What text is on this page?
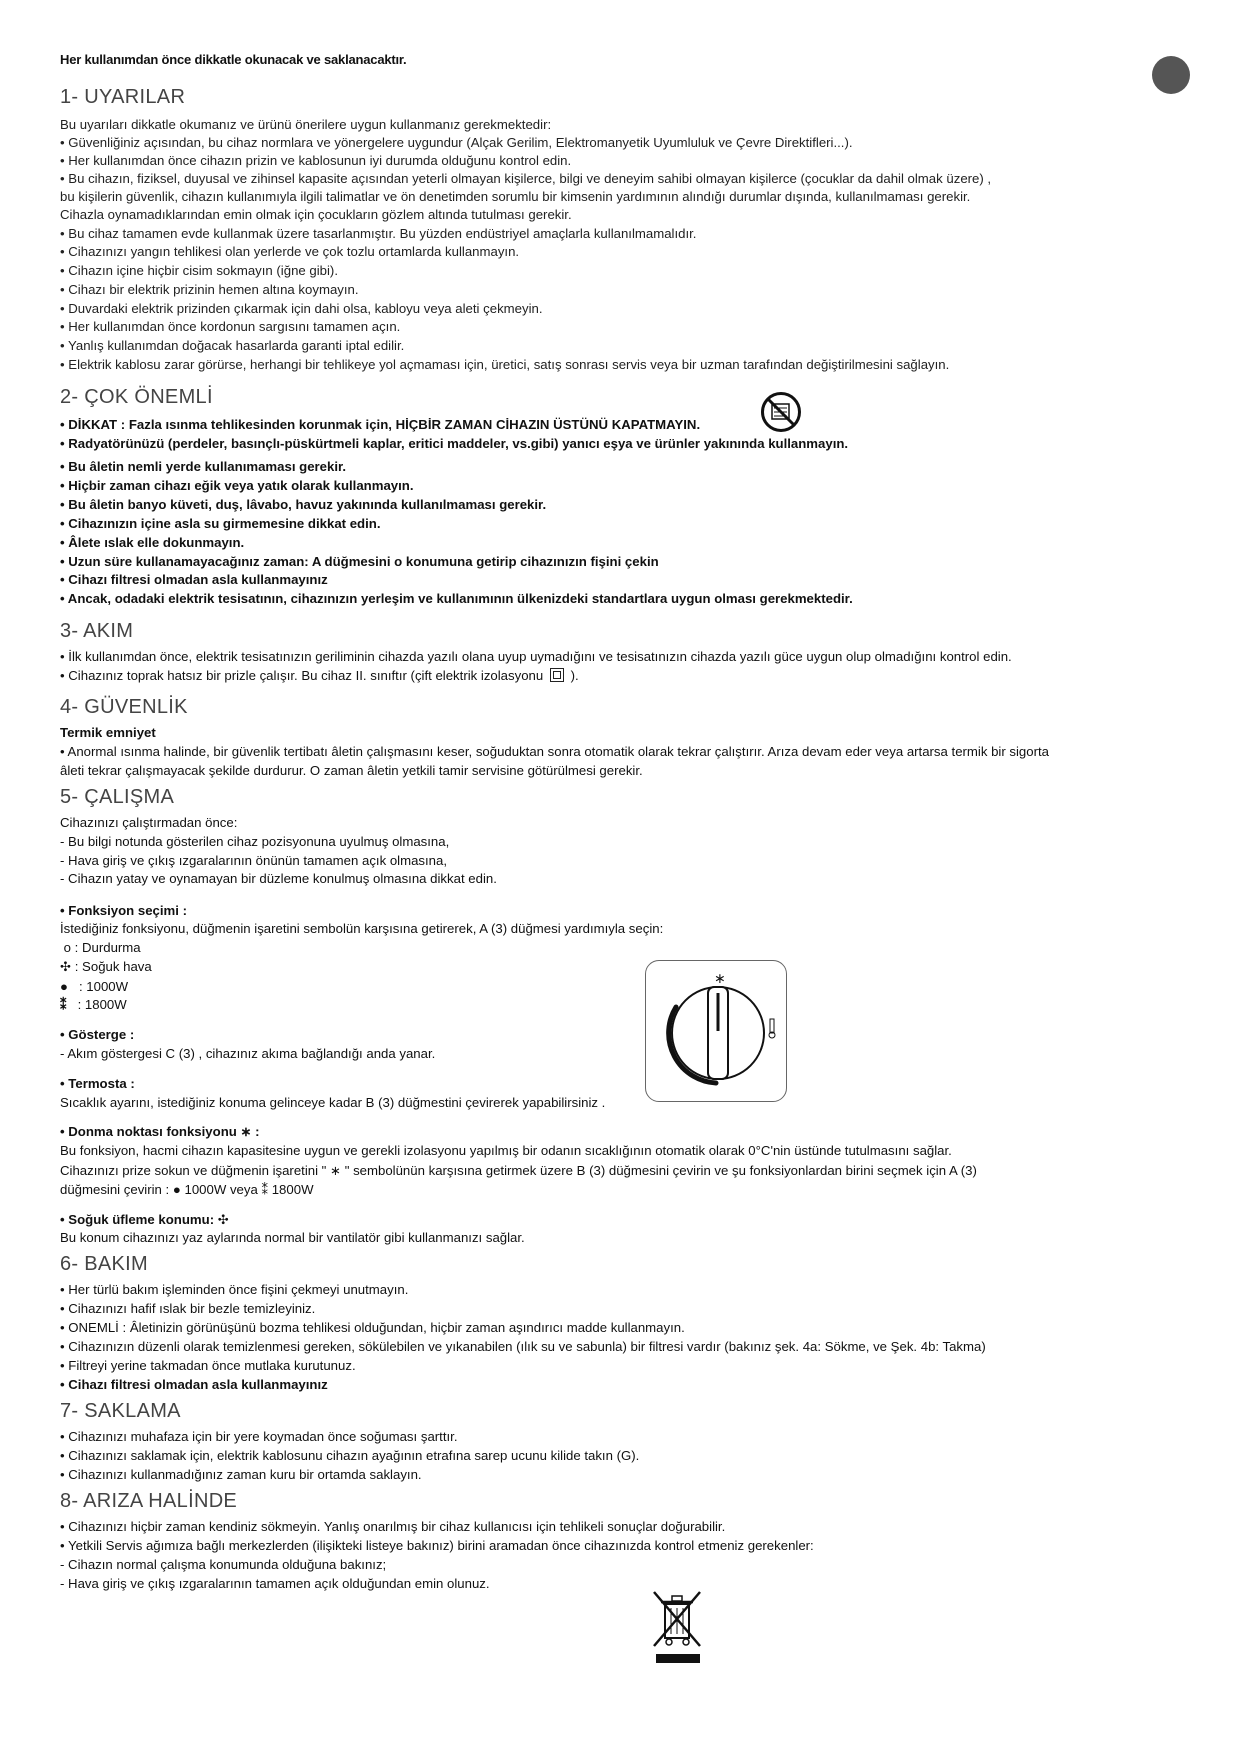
Her kullanımdan önce dikkatle okunacak ve saklanacaktır.
1- UYARILAR
Bu uyarıları dikkatle okumanız ve ürünü önerilere uygun kullanmanız gerekmektedir:
• Güvenliğiniz açısından, bu cihaz normlara ve yönergelere uygundur (Alçak Gerilim, Elektromanyetik Uyumluluk ve Çevre Direktifleri...).
• Her kullanımdan önce cihazın prizin ve kablosunun iyi durumda olduğunu kontrol edin.
• Bu cihazın, fiziksel, duyusal ve zihinsel kapasite açısından yeterli olmayan kişilerce, bilgi ve deneyim sahibi olmayan kişilerce (çocuklar da dahil olmak üzere) ,
bu kişilerin güvenlik, cihazın kullanımıyla ilgili talimatlar ve ön denetimden sorumlu bir kimsenin yardımının alındığı durumlar dışında, kullanılmaması gerekir.
Cihazla oynamadıklarından emin olmak için çocukların gözlem altında tutulması gerekir.
• Bu cihaz tamamen evde kullanmak üzere tasarlanmıştır. Bu yüzden endüstriyel amaçlarla kullanılmamalıdır.
• Cihazınızı yangın tehlikesi olan yerlerde ve çok tozlu ortamlarda kullanmayın.
• Cihazın içine hiçbir cisim sokmayın (iğne gibi).
• Cihazı bir elektrik prizinin hemen altına koymayın.
• Duvardaki elektrik prizinden çıkarmak için dahi olsa, kabloyu veya aleti çekmeyin.
• Her kullanımdan önce kordonun sargısını tamamen açın.
• Yanlış kullanımdan doğacak hasarlarda garanti iptal edilir.
• Elektrik kablosu zarar görürse, herhangi bir tehlikeye yol açmaması için, üretici, satış sonrası servis veya bir uzman tarafından değiştirilmesini sağlayın.
2- ÇOK ÖNEMLİ
• DİKKAT : Fazla ısınma tehlikesinden korunmak için, HİÇBİR ZAMAN CİHAZIN ÜSTÜNÜ KAPATMAYIN.
• Radyatörünüzü (perdeler, basınçlı-püskürtmeli kaplar, eritici maddeler, vs.gibi) yanıcı eşya ve ürünler yakınında kullanmayın.
• Bu âletin nemli yerde kullanımaması gerekir.
• Hiçbir zaman cihazı eğik veya yatık olarak kullanmayın.
• Bu âletin banyo küveti, duş, lâvabo, havuz yakınında kullanılmaması gerekir.
• Cihazınızın içine asla su girmemesine dikkat edin.
• Âlete ıslak elle dokunmayın.
• Uzun süre kullanamayacağınız zaman: A düğmesini ο konumuna getirip cihazınızın fişini çekin
• Cihazı filtresi olmadan asla kullanmayınız
• Ancak, odadaki elektrik tesisatının, cihazınızın yerleşim ve kullanımının ülkenizdeki standartlara uygun olması gerekmektedir.
3- AKIM
• İlk kullanımdan önce, elektrik tesisatınızın geriliminin cihazda yazılı olana uyup uymadığını ve tesisatınızın cihazda yazılı güce uygun olup olmadığını kontrol edin.
• Cihazınız toprak hatsız bir prizle çalışır. Bu cihaz II. sınıftır (çift elektrik izolasyonu ).
4- GÜVENLİK
Termik emniyet
• Anormal ısınma halinde, bir güvenlik tertibatı âletin çalışmasını keser, soğuduktan sonra otomatik olarak tekrar çalıştırır. Arıza devam eder veya artarsa termik bir sigorta
âleti tekrar çalışmayacak şekilde durdurur. O zaman âletin yetkili tamir servisine götürülmesi gerekir.
5- ÇALIŞMA
Cihazınızı çalıştırmadan önce:
- Bu bilgi notunda gösterilen cihaz pozisyonuna uyulmuş olmasına,
- Hava giriş ve çıkış ızgaralarının önünün tamamen açık olmasına,
- Cihazın yatay ve oynamayan bir düzleme konulmuş olmasına dikkat edin.
• Fonksiyon seçimi :
İstediğiniz fonksiyonu, düğmenin işaretini sembolün karşısına getirerek, A (3) düğmesi yardımıyla seçin:
ο : Durdurma
✣ : Soğuk hava
●   : 1000W
⁑   : 1800W
• Gösterge :
- Akım göstergesi C (3) , cihazınız akıma bağlandığı anda yanar.
• Termosta :
Sıcaklık ayarını, istediğiniz konuma gelinceye kadar B (3) düğmestini çevirerek yapabilirsiniz .
∗
• Donma noktası fonksiyonu ∗ :
Bu fonksiyon, hacmi cihazın kapasitesine uygun ve gerekli izolasyonu yapılmış bir odanın sıcaklığının otomatik olarak 0°C'nin üstünde tutulmasını sağlar.
Cihazınızı prize sokun ve düğmenin işaretini " ∗ " sembolünün karşısına getirmek üzere B (3) düğmesini çevirin ve şu fonksiyonlardan birini seçmek için A (3)
düğmesini çevirin : ● 1000W veya ⁑ 1800W
• Soğuk üfleme konumu: ✣
Bu konum cihazınızı yaz aylarında normal bir vantilatör gibi kullanmanızı sağlar.
6- BAKIM
• Her türlü bakım işleminden önce fişini çekmeyi unutmayın.
• Cihazınızı hafif ıslak bir bezle temizleyiniz.
• ONEMLİ : Âletinizin görünüşünü bozma tehlikesi olduğundan, hiçbir zaman aşındırıcı madde kullanmayın.
• Cihazınızın düzenli olarak temizlenmesi gereken, sökülebilen ve yıkanabilen (ılık su ve sabunla) bir filtresi vardır (bakınız şek. 4a: Sökme, ve Şek. 4b: Takma)
• Filtreyi yerine takmadan önce mutlaka kurutunuz.
• Cihazı filtresi olmadan asla kullanmayınız
7- SAKLAMA
• Cihazınızı muhafaza için bir yere koymadan önce soğuması şarttır.
• Cihazınızı saklamak için, elektrik kablosunu cihazın ayağının etrafına sarep ucunu kilide takın (G).
• Cihazınızı kullanmadığınız zaman kuru bir ortamda saklayın.
8- ARIZA HALİNDE
• Cihazınızı hiçbir zaman kendiniz sökmeyin. Yanlış onarılmış bir cihaz kullanıcısı için tehlikeli sonuçlar doğurabilir.
• Yetkili Servis ağımıza bağlı merkezlerden (ilişikteki listeye bakınız) birini aramadan önce cihazınızda kontrol etmeniz gerekenler:
- Cihazın normal çalışma konumunda olduğuna bakınız;
- Hava giriş ve çıkış ızgaralarının tamamen açık olduğundan emin olunuz.
